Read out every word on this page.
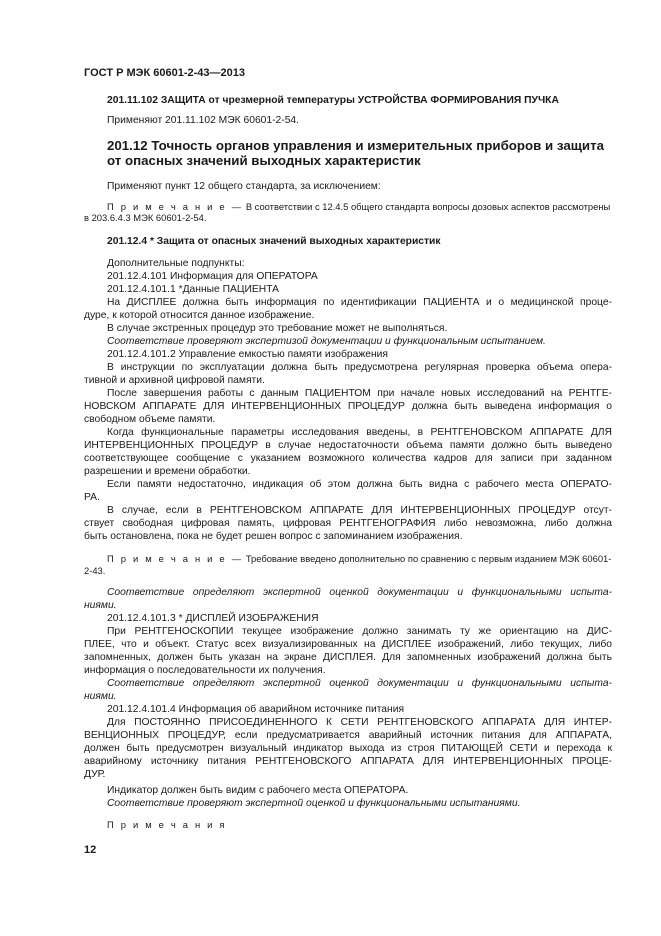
ГОСТ Р МЭК 60601-2-43—2013

201.11.102 ЗАЩИТА от чрезмерной температуры УСТРОЙСТВА ФОРМИРОВАНИЯ ПУЧКА

Применяют 201.11.102 МЭК 60601-2-54.

201.12 Точность органов управления и измерительных приборов и защита

от опасных значений выходных характеристик

Применяют пункт 12 общего стандарта, за исключением:

П р и м е ч а н и е — В соответствии с 12.4.5 общего стандарта вопросы дозовых аспектов рассмотрены

в 203.6.4.3 МЭК 60601-2-54.

201.12.4 * Защита от опасных значений выходных характеристик

Дополнительные подпункты:

201.12.4.101 Информация для ОПЕРАТОРА

201.12.4.101.1 *Данные ПАЦИЕНТА

На ДИСПЛЕЕ должна быть информация по идентификации ПАЦИЕНТА и о медицинской проце-

дуре, к которой относится данное изображение.

В случае экстренных процедур это требование может не выполняться.

Соответствие проверяют экспертизой документации и функциональным испытанием.

201.12.4.101.2 Управление емкостью памяти изображения

В инструкции по эксплуатации должна быть предусмотрена регулярная проверка объема опера-

тивной и архивной цифровой памяти.

После завершения работы с данным ПАЦИЕНТОМ при начале новых исследований на РЕНТГЕ-

НОВСКОМ АППАРАТЕ ДЛЯ ИНТЕРВЕНЦИОННЫХ ПРОЦЕДУР должна быть выведена информация о

свободном объеме памяти.

Когда функциональные параметры исследования введены, в РЕНТГЕНОВСКОМ АППАРАТЕ ДЛЯ

ИНТЕРВЕНЦИОННЫХ ПРОЦЕДУР в случае недостаточности объема памяти должно быть выведено

соответствующее сообщение с указанием возможного количества кадров для записи при заданном

разрешении и времени обработки.

Если памяти недостаточно, индикация об этом должна быть видна с рабочего места ОПЕРАТО-

РА.

В случае, если в РЕНТГЕНОВСКОМ АППАРАТЕ ДЛЯ ИНТЕРВЕНЦИОННЫХ ПРОЦЕДУР отсут-

ствует свободная цифровая память, цифровая РЕНТГЕНОГРАФИЯ либо невозможна, либо должна

быть остановлена, пока не будет решен вопрос с запоминанием изображения.

П р и м е ч а н и е — Требование введено дополнительно по сравнению с первым изданием МЭК 60601-

2-43.

Соответствие определяют экспертной оценкой документации и функциональными испыта-

ниями.

201.12.4.101.3 * ДИСПЛЕЙ ИЗОБРАЖЕНИЯ

При РЕНТГЕНОСКОПИИ текущее изображение должно занимать ту же ориентацию на ДИС-

ПЛЕЕ, что и объект. Статус всех визуализированных на ДИСПЛЕЕ изображений, либо текущих, либо

запомненных, должен быть указан на экране ДИСПЛЕЯ. Для запомненных изображений должна быть

информация о последовательности их получения.

Соответствие определяют экспертной оценкой документации и функциональными испыта-

ниями.

201.12.4.101.4 Информация об аварийном источнике питания

Для ПОСТОЯННО ПРИСОЕДИНЕННОГО К СЕТИ РЕНТГЕНОВСКОГО АППАРАТА ДЛЯ ИНТЕР-

ВЕНЦИОННЫХ ПРОЦЕДУР, если предусматривается аварийный источник питания для АППАРАТА,

должен быть предусмотрен визуальный индикатор выхода из строя ПИТАЮЩЕЙ СЕТИ и перехода к

аварийному источнику питания РЕНТГЕНОВСКОГО АППАРАТА ДЛЯ ИНТЕРВЕНЦИОННЫХ ПРОЦЕ-

ДУР.

Индикатор должен быть видим с рабочего места ОПЕРАТОРА.

Соответствие проверяют экспертной оценкой и функциональными испытаниями.

П р и м е ч а н и я

12
